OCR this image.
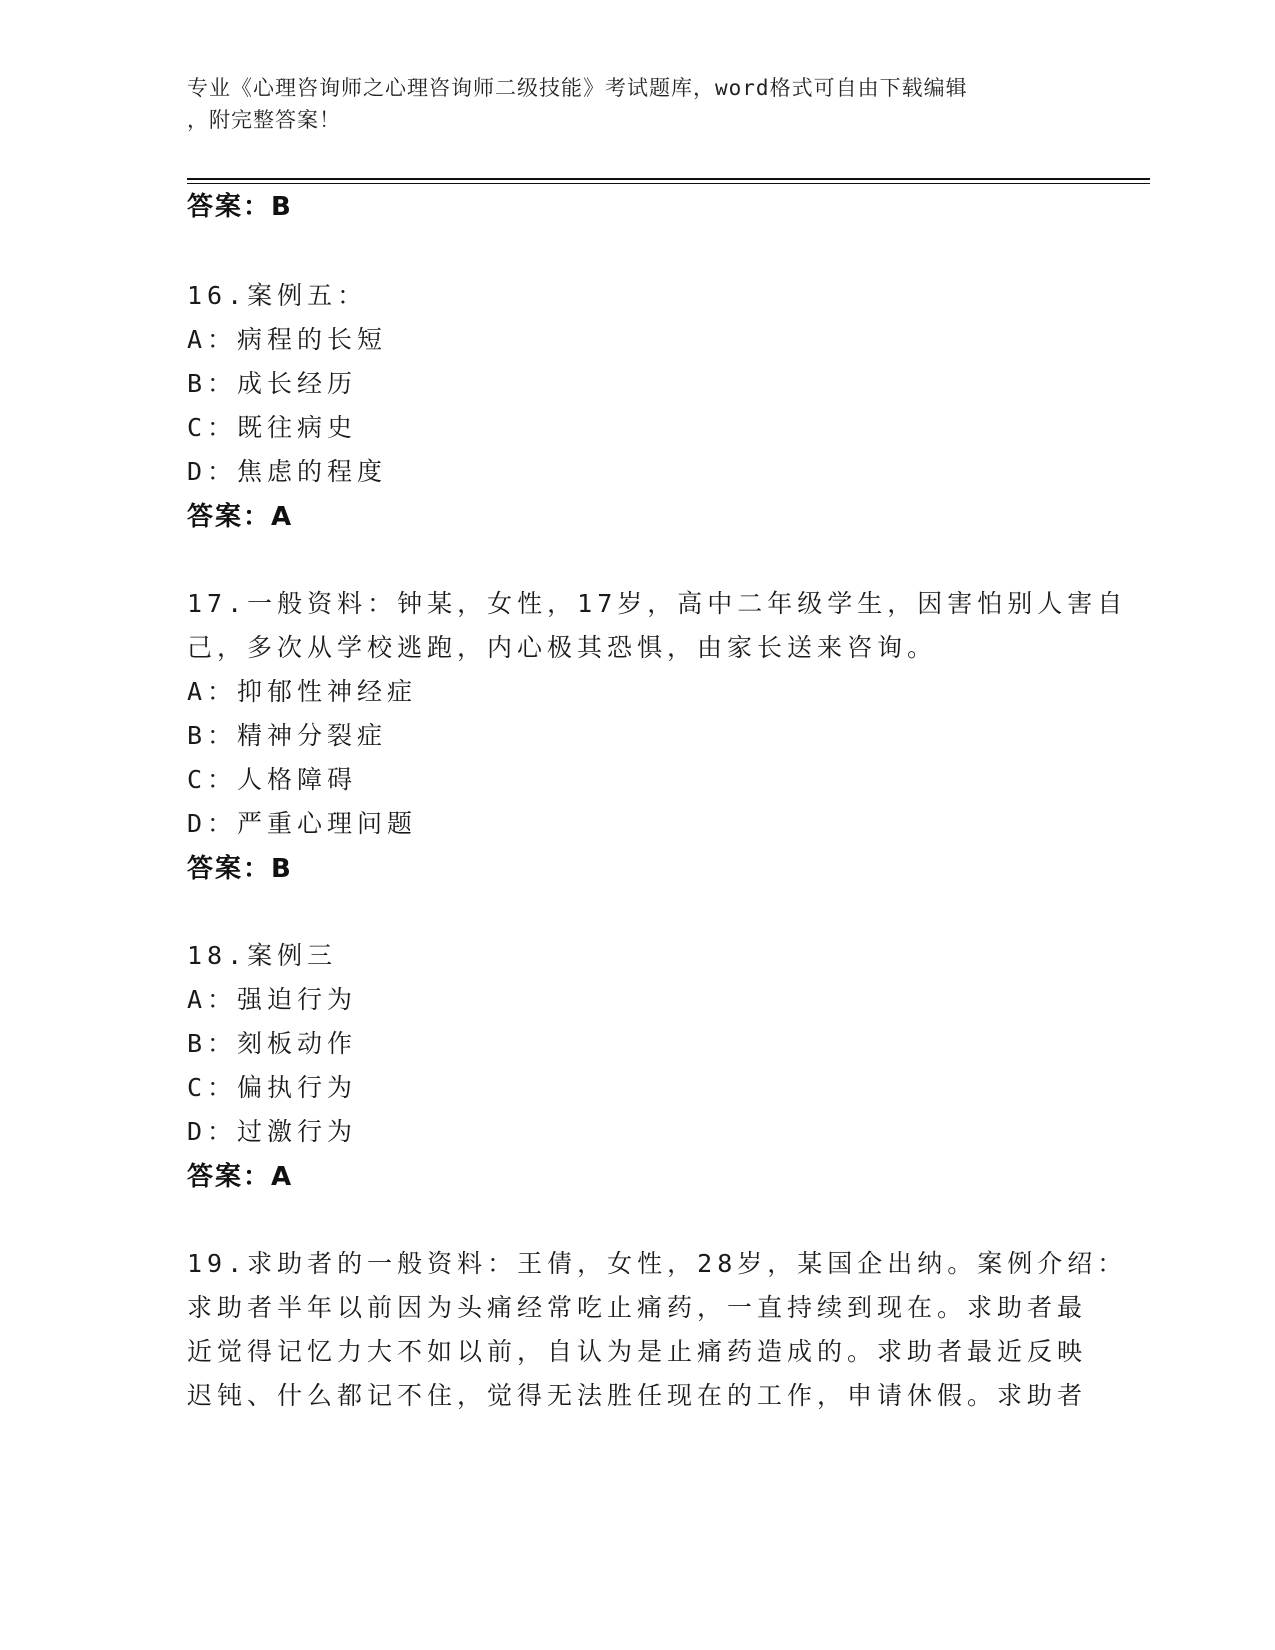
专业《心理咨询师之心理咨询师二级技能》考试题库，word格式可自由下载编辑
，附完整答案！
答案：B
16.案例五：
A：病程的长短
B：成长经历
C：既往病史
D：焦虑的程度
答案：A
17.一般资料：钟某，女性，17岁，高中二年级学生，因害怕别人害自
己，多次从学校逃跑，内心极其恐惧，由家长送来咨询。
A：抑郁性神经症
B：精神分裂症
C：人格障碍
D：严重心理问题
答案：B
18.案例三
A：强迫行为
B：刻板动作
C：偏执行为
D：过激行为
答案：A
19.求助者的一般资料：王倩，女性，28岁，某国企出纳。案例介绍：
求助者半年以前因为头痛经常吃止痛药，一直持续到现在。求助者最
近觉得记忆力大不如以前，自认为是止痛药造成的。求助者最近反映
迟钝、什么都记不住，觉得无法胜任现在的工作，申请休假。求助者
